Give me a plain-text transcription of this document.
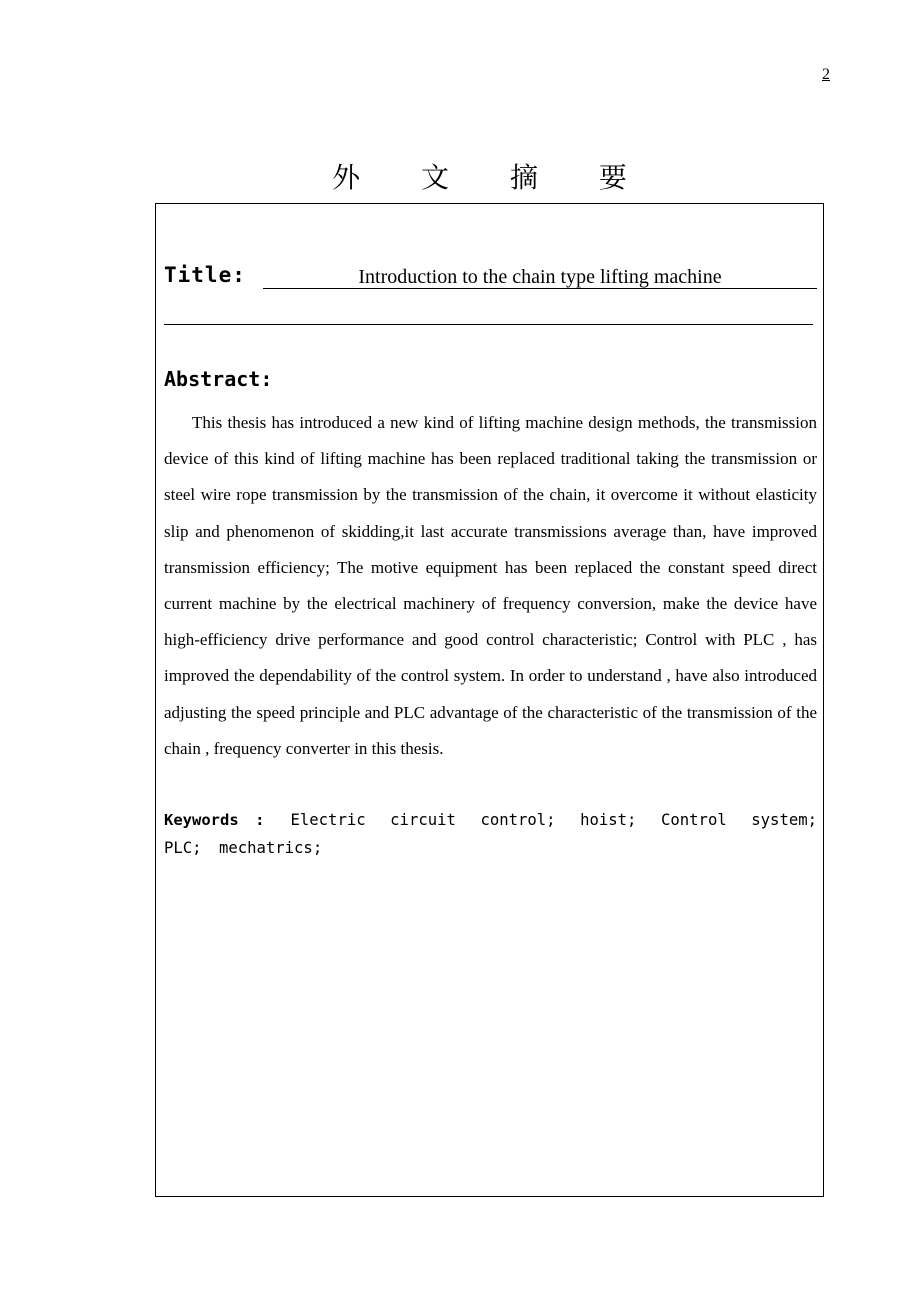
2
外 文 摘 要
Title:	Introduction to the chain type lifting machine
Abstract:

This thesis has introduced a new kind of lifting machine design methods, the transmission device of this kind of lifting machine has been replaced traditional taking the transmission or steel wire rope transmission by the transmission of the chain, it overcome it without elasticity slip and phenomenon of skidding,it last accurate transmissions average than, have improved transmission efficiency; The motive equipment has been replaced the constant speed direct current machine by the electrical machinery of frequency conversion, make the device have high-efficiency drive performance and good control characteristic; Control with PLC , has improved the dependability of the control system. In order to understand , have also introduced adjusting the speed principle and PLC advantage of the characteristic of the transmission of the chain , frequency converter in this thesis.

Keywords : Electric circuit control; hoist; Control system; PLC; mechatrics;
